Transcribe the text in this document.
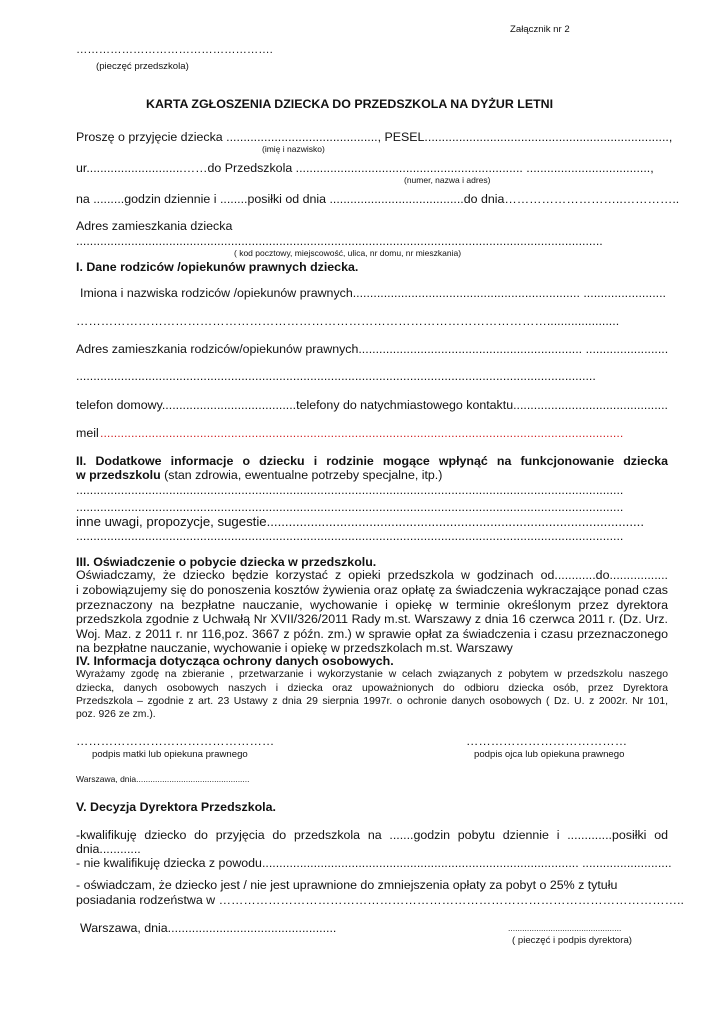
Załącznik nr 2
…………………………………………….
(pieczęć przedszkola)
KARTA ZGŁOSZENIA DZIECKA DO PRZEDSZKOLA NA DYŻUR LETNI
Proszę o przyjęcie dziecka ............................................, PESEL.......................................................................,
(imię i nazwisko)
ur............................……do Przedszkola .................................................................. ....................................,
(numer, nazwa i adres)
na .........godzin dziennie i ........posiłki od dnia .......................................do dnia………………………..…………..
Adres zamieszkania dziecka
.........................................................................................................................................................
( kod pocztowy, miejscowość, ulica, nr domu, nr mieszkania)
I. Dane rodziców /opiekunów prawnych dziecka.
Imiona i nazwiska rodziców /opiekunów prawnych.................................................................. ........................
…………………………………………………………………………………………………….....................
Adres zamieszkania rodziców/opiekunów prawnych................................................................. ........................
.......................................................................................................................................................
telefon domowy.......................................telefony do natychmiastowego kontaktu.............................................
meil ........................................................................................................................................................
II. Dodatkowe informacje o dziecku i rodzinie mogące wpłynąć na funkcjonowanie dziecka
w przedszkolu (stan zdrowia, ewentualne potrzeby specjalne, itp.)
...............................................................................................................................................................
...............................................................................................................................................................
inne uwagi, propozycje, sugestie.......................................................................................................
...............................................................................................................................................................
III. Oświadczenie o pobycie dziecka w przedszkolu.
Oświadczamy, że dziecko będzie korzystać z opieki przedszkola w godzinach od............do.................
i zobowiązujemy się do ponoszenia kosztów żywienia oraz opłatę za świadczenia wykraczające ponad czas
przeznaczony na bezpłatne nauczanie, wychowanie i opiekę w terminie określonym przez dyrektora
przedszkola zgodnie z Uchwałą Nr XVII/326/2011 Rady m.st. Warszawy z dnia 16 czerwca 2011 r. (Dz. Urz.
Woj. Maz. z 2011 r. nr 116,poz. 3667 z późn. zm.) w sprawie opłat za świadczenia i czasu przeznaczonego
na bezpłatne nauczanie, wychowanie i opiekę w przedszkolach m.st. Warszawy
IV. Informacja dotycząca ochrony danych osobowych.
Wyrażamy zgodę na zbieranie , przetwarzanie i wykorzystanie w celach związanych z pobytem w przedszkolu naszego
dziecka, danych osobowych naszych i dziecka oraz upoważnionych do odbioru dziecka osób, przez Dyrektora
Przedszkola – zgodnie z art. 23 Ustawy z dnia 29 sierpnia 1997r. o ochronie danych osobowych ( Dz. U. z 2002r. Nr 101,
poz. 926 ze zm.).
…………………………………………
podpis matki lub opiekuna prawnego
…………………………………
podpis ojca lub opiekuna prawnego
Warszawa, dnia................................................
V. Decyzja Dyrektora Przedszkola.
-kwalifikuję dziecko do przyjęcia do przedszkola na .......godzin pobytu dziennie i .............posiłki od
dnia............
- nie kwalifikuję dziecka z powodu............................................................................................ ..........................
- oświadczam, że dziecko jest / nie jest uprawnione do zmniejszenia opłaty za pobyt o 25% z tytułu
posiadania rodzeństwa w …………………………………………………………………………………………………..
Warszawa, dnia.................................................	................................................
( pieczęć i podpis dyrektora)
